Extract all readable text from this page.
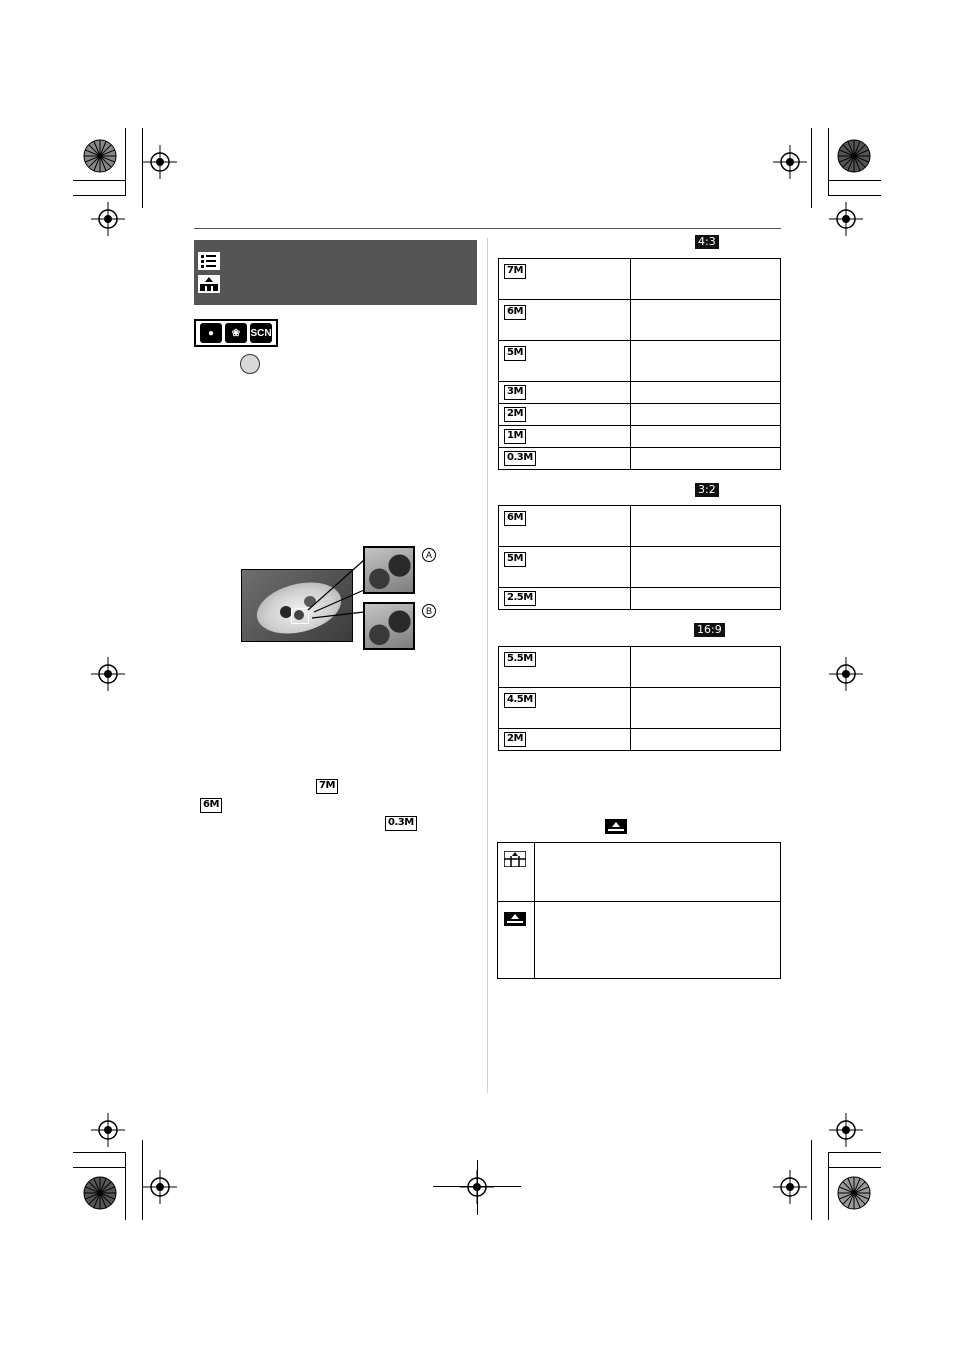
●	❀	SCN
A
B
7M
6M
0.3M
4:3
7M	

6M	

5M	

3M	

2M	

1M	

0.3M	

3:2
6M	

5M	

2.5M	

16:9
5.5M	

4.5M	

2M	
